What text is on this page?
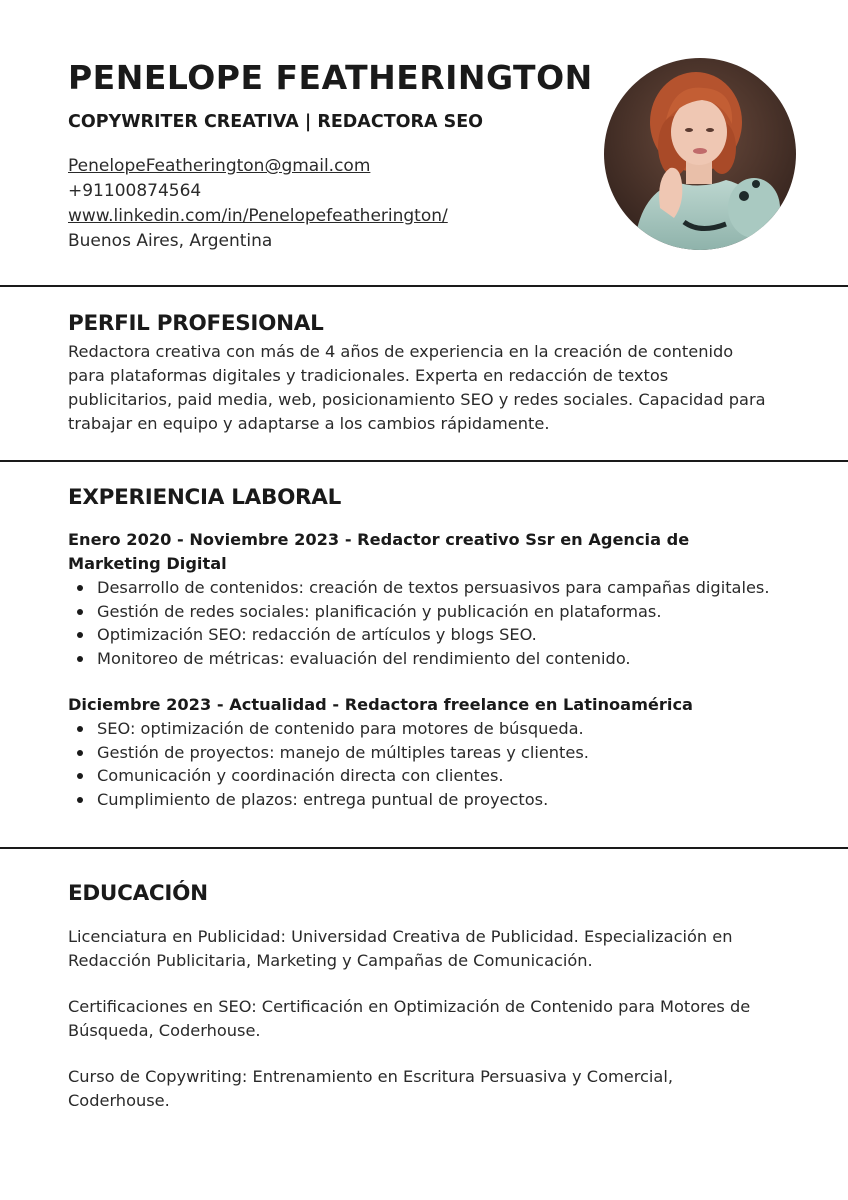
PENELOPE FEATHERINGTON
COPYWRITER CREATIVA | REDACTORA SEO
PenelopeFeatherington@gmail.com
+91100874564
www.linkedin.com/in/Penelopefeatherington/
Buenos Aires, Argentina
PERFIL PROFESIONAL

Redactora creativa con más de 4 años de experiencia en la creación de contenido para plataformas digitales y tradicionales. Experta en redacción de textos publicitarios, paid media, web, posicionamiento SEO y redes sociales. Capacidad para trabajar en equipo y adaptarse a los cambios rápidamente.

EXPERIENCIA LABORAL

Enero 2020 - Noviembre 2023 - Redactor creativo Ssr en Agencia de Marketing Digital

Desarrollo de contenidos: creación de textos persuasivos para campañas digitales.
Gestión de redes sociales: planificación y publicación en plataformas.
Optimización SEO: redacción de artículos y blogs SEO.
Monitoreo de métricas: evaluación del rendimiento del contenido.

Diciembre 2023 - Actualidad - Redactora freelance en Latinoamérica

SEO: optimización de contenido para motores de búsqueda.
Gestión de proyectos: manejo de múltiples tareas y clientes.
Comunicación y coordinación directa con clientes.
Cumplimiento de plazos: entrega puntual de proyectos.
EDUCACIÓN

Licenciatura en Publicidad: Universidad Creativa de Publicidad. Especialización en Redacción Publicitaria, Marketing y Campañas de Comunicación.

Certificaciones en SEO: Certificación en Optimización de Contenido para Motores de Búsqueda, Coderhouse.

Curso de Copywriting: Entrenamiento en Escritura Persuasiva y Comercial, Coderhouse.
